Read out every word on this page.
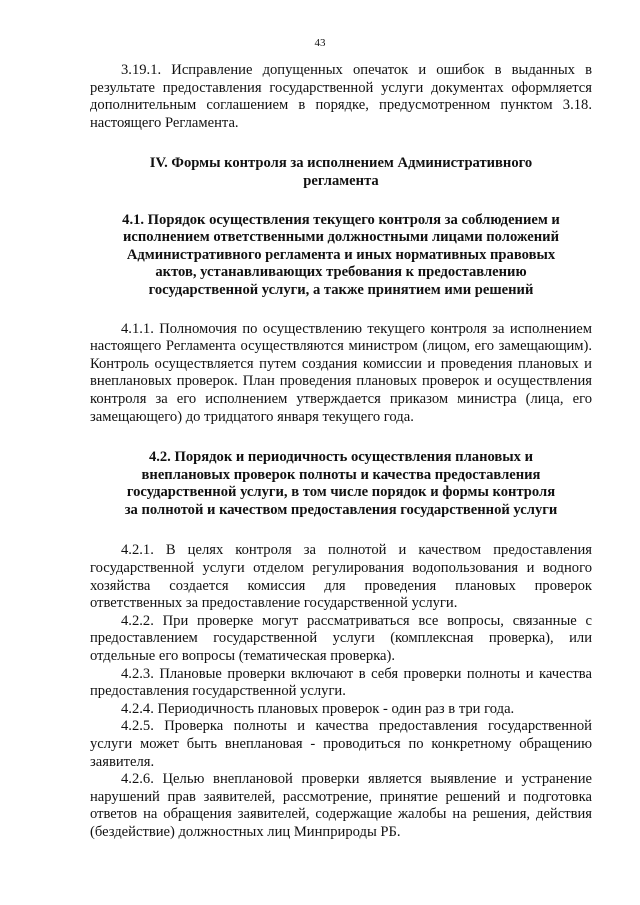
43

3.19.1. Исправление допущенных опечаток и ошибок в выданных в результате предоставления государственной услуги документах оформляется дополнительным соглашением в порядке, предусмотренном пунктом 3.18. настоящего Регламента.

IV. Формы контроля за исполнением Административного регламента
4.1. Порядок осуществления текущего контроля за соблюдением и исполнением ответственными должностными лицами положений Административного регламента и иных нормативных правовых актов, устанавливающих требования к предоставлению государственной услуги, а также принятием ими решений

4.1.1. Полномочия по осуществлению текущего контроля за исполнением настоящего Регламента осуществляются министром (лицом, его замещающим). Контроль осуществляется путем создания комиссии и проведения плановых и внеплановых проверок. План проведения плановых проверок и осуществления контроля за его исполнением утверждается приказом министра (лица, его замещающего) до тридцатого января текущего года.

4.2. Порядок и периодичность осуществления плановых и внеплановых проверок полноты и качества предоставления государственной услуги, в том числе порядок и формы контроля за полнотой и качеством предоставления государственной услуги

4.2.1. В целях контроля за полнотой и качеством предоставления государственной услуги отделом регулирования водопользования и водного хозяйства создается комиссия для проведения плановых проверок ответственных за предоставление государственной услуги.

4.2.2. При проверке могут рассматриваться все вопросы, связанные с предоставлением государственной услуги (комплексная проверка), или отдельные его вопросы (тематическая проверка).

4.2.3. Плановые проверки включают в себя проверки полноты и качества предоставления государственной услуги.

4.2.4. Периодичность плановых проверок - один раз в три года.

4.2.5. Проверка полноты и качества предоставления государственной услуги может быть внеплановая - проводиться по конкретному обращению заявителя.

4.2.6. Целью внеплановой проверки является выявление и устранение нарушений прав заявителей, рассмотрение, принятие решений и подготовка ответов на обращения заявителей, содержащие жалобы на решения, действия (бездействие) должностных лиц Минприроды РБ.
